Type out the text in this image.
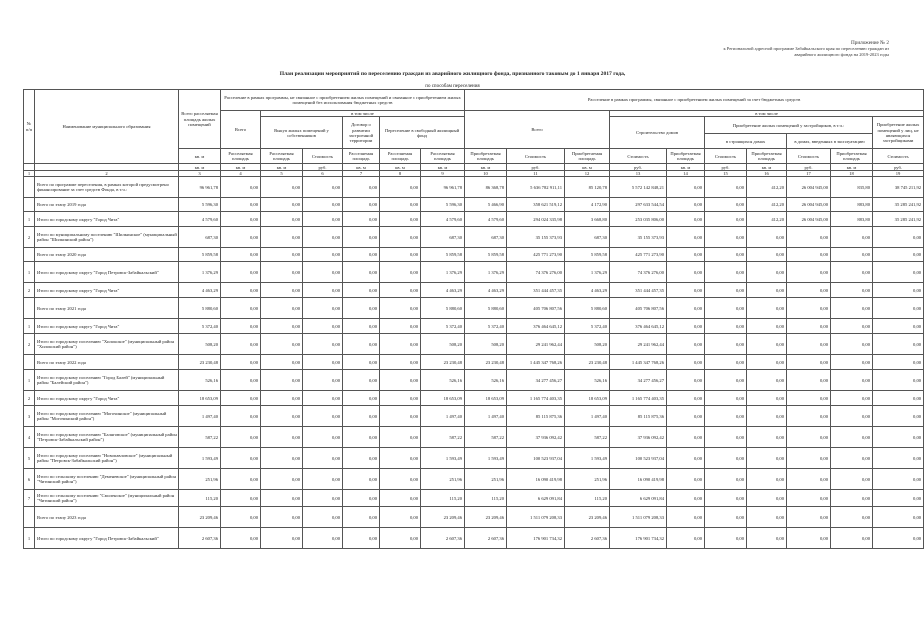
Приложение № 2
к Региональной адресной программе Забайкальского края по переселению граждан из
аварийного жилищного фонда на 2019-2023 годы
План реализации мероприятий по переселению граждан из аварийного жилищного фонда, признанного таковым до 1 января 2017 года,
по способам переселения
№ п/п	Наименование муниципального образования	Всего расселяемая площадь жилых помещений	Расселение в рамках программы, не связанное с приобретением жилых помещений и связанное с приобретением жилых помещений без использования бюджетных средств						Расселение в рамках программы, связанное с приобретением жилых помещений за счет бюджетных средств									
			Всего	в том числе					Всего			в том числе						
				Выкуп жилых помещений у собственников		Договор о развитии застроенной территории	Переселение в свободный жилищный фонд					Строительство домов		Приобретение жилых помещений у застройщиков, в т.ч.:				Приобретение жилых помещений у лиц, не являющихся застройщиками
														в строящихся домах		в домах, введенных в эксплуатацию		
		кв. м	Расселяемая площадь	Расселяемая площадь	Стоимость	Расселяемая площадь	Расселяемая площадь	Расселяемая площадь	Приобретаемая площадь	Стоимость	Приобретаемая площадь	Стоимость	Приобретаемая площадь	Стоимость	Приобретаемая площадь	Стоимость	Приобретаемая площадь	Стоимость
		кв. м	кв. м	кв. м	руб.	кв. м	кв. м	кв. м	кв. м	руб.	кв. м	руб.	кв. м	руб.	кв. м	руб.	кв. м	руб.
1	2	3	4	5	6	7	8	9	10	11	12	13	14	15	16	17	18	19
	Всего по программе переселения, в рамках которой предусмотрено финансирование за счет средств Фонда, в т.ч.:	96 961,78	0,00	0,00	0,00	0,00	0,00	96 961,78	86 368,78	5 636 782 911,11	85 120,78	5 572 142 848,21	0,00	0,00	412,20	26 004 945,00	835,80	38 745 211,92
	Всего по этапу 2019 года	5 596,30	0,00	0,00	0,00	0,00	0,00	5 596,30	5 466,90	358 621 519,12	4 172,90	297 633 544,54	0,00	0,00	412,20	26 004 945,00	883,80	35 285 241,92
1	Итого по городскому округу "Город Чита"	4 579,60	0,00	0,00	0,00	0,00	0,00	4 579,60	4 579,60	294 024 335,98	3 668,80	253 035 806,00	0,00	0,00	412,20	26 004 945,00	883,80	35 285 241,92
2	Итого по муниципальному поселению "Шилкинское" (муниципальный район "Шилкинский район")	687,30	0,00	0,00	0,00	0,00	0,00	687,30	687,30	35 155 373,93	687,30	35 155 373,93	0,00	0,00	0,00	0,00	0,00	0,00
	Всего по этапу 2020 года	5 859,58	0,00	0,00	0,00	0,00	0,00	5 859,58	5 859,58	425 771 273,90	5 859,58	425 771 273,90	0,00	0,00	0,00	0,00	0,00	0,00
1	Итого по городскому округу "Город Петровск-Забайкальский"	1 376,29	0,00	0,00	0,00	0,00	0,00	1 376,29	1 376,29	74 376 276,00	1 376,29	74 376 276,00	0,00	0,00	0,00	0,00	0,00	0,00
2	Итого по городскому округу "Город Чита"	4 463,29	0,00	0,00	0,00	0,00	0,00	4 463,29	4 463,29	351 444 457,35	4 463,29	351 444 457,35	0,00	0,00	0,00	0,00	0,00	0,00
	Всего по этапу 2021 года	5 880,60	0,00	0,00	0,00	0,00	0,00	5 880,60	5 880,60	405 706 807,56	5 880,60	405 706 807,56	0,00	0,00	0,00	0,00	0,00	0,00
1	Итого по городскому округу "Город Чита"	5 372,40	0,00	0,00	0,00	0,00	0,00	5 372,40	5 372,40	376 464 645,12	5 372,40	376 464 645,12	0,00	0,00	0,00	0,00	0,00	0,00
2	Итого по городскому поселению "Хилокское" (муниципальный район "Хилокский район")	508,20	0,00	0,00	0,00	0,00	0,00	508,20	508,20	29 241 962,44	508,20	29 241 962,44	0,00	0,00	0,00	0,00	0,00	0,00
	Всего по этапу 2022 года	23 230,48	0,00	0,00	0,00	0,00	0,00	23 230,48	23 230,48	1 445 347 768,26	23 230,48	1 445 347 768,26	0,00	0,00	0,00	0,00	0,00	0,00
1	Итого по городскому поселению "Город Балей" (муниципальный район "Балейский район")	526,16	0,00	0,00	0,00	0,00	0,00	526,16	526,16	34 277 456,27	526,16	34 277 456,27	0,00	0,00	0,00	0,00	0,00	0,00
2	Итого по городскому округу "Город Чита"	18 653,09	0,00	0,00	0,00	0,00	0,00	18 653,09	18 653,09	1 165 774 403,35	18 653,09	1 165 774 403,35	0,00	0,00	0,00	0,00	0,00	0,00
3	Итого по городскому поселению "Могочинское" (муниципальный район "Могочинский район")	1 497,40	0,00	0,00	0,00	0,00	0,00	1 497,40	1 497,40	85 115 875,36	1 497,40	85 115 875,36	0,00	0,00	0,00	0,00	0,00	0,00
4	Итого по городскому поселению "Баляговское" (муниципальный район "Петровск-Забайкальский район")	587,22	0,00	0,00	0,00	0,00	0,00	587,22	587,22	37 936 092,42	587,22	37 936 092,42	0,00	0,00	0,00	0,00	0,00	0,00
5	Итого по городскому поселению "Новопавловское" (муниципальный район "Петровск-Забайкальский район")	1 593,49	0,00	0,00	0,00	0,00	0,00	1 593,49	1 593,49	100 523 937,04	1 593,49	100 523 937,04	0,00	0,00	0,00	0,00	0,00	0,00
6	Итого по сельскому поселению "Деменевское" (муниципальный район "Читинский район")	251,96	0,00	0,00	0,00	0,00	0,00	251,96	251,96	16 090 419,98	251,96	16 090 419,98	0,00	0,00	0,00	0,00	0,00	0,00
7	Итого по сельскому поселению "Смоленское" (муниципальный район "Читинский район")	115,20	0,00	0,00	0,00	0,00	0,00	115,20	115,20	6 629 091,84	115,20	6 629 091,84	0,00	0,00	0,00	0,00	0,00	0,00
	Всего по этапу 2023 года	23 209,46	0,00	0,00	0,00	0,00	0,00	23 209,46	23 209,46	1 511 079 208,33	23 209,46	1 511 079 208,33	0,00	0,00	0,00	0,00	0,00	0,00
1	Итого по городскому округу "Город Петровск-Забайкальский"	2 607,36	0,00	0,00	0,00	0,00	0,00	2 607,36	2 607,36	176 901 734,32	2 607,36	176 901 734,32	0,00	0,00	0,00	0,00	0,00	0,00
